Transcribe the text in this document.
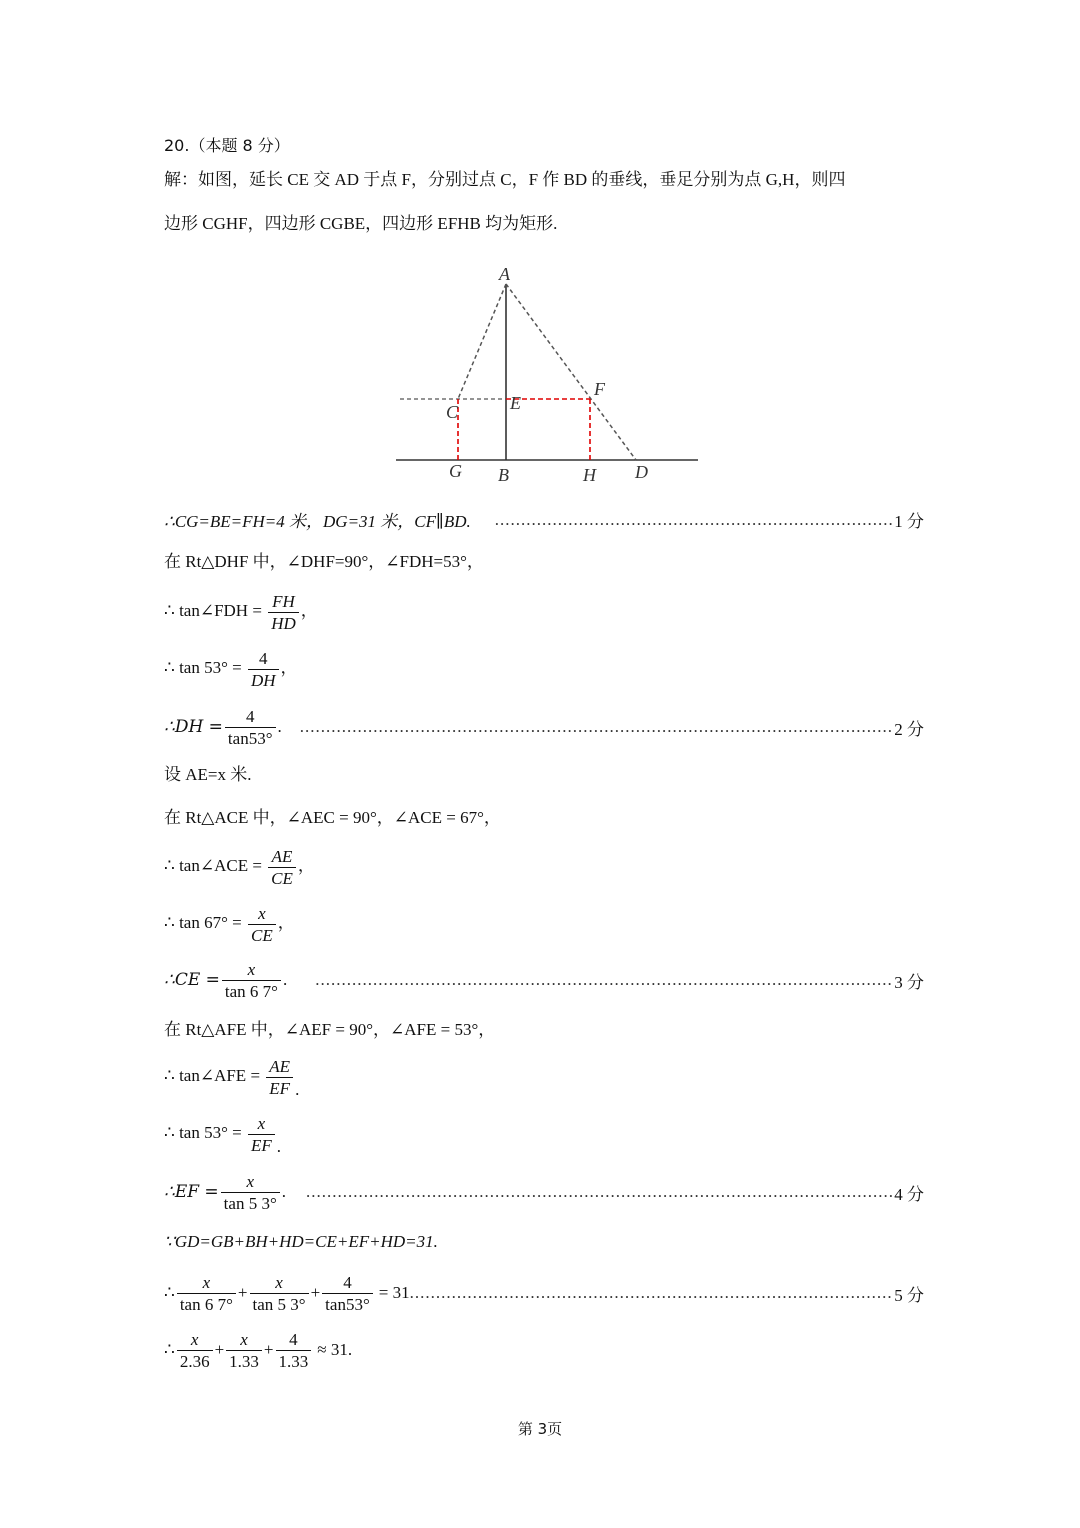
20.（本题 8 分）
解：如图，延长 CE 交 AD 于点 F，分别过点 C，F 作 BD 的垂线，垂足分别为点 G,H，则四
边形 CGHF，四边形 CGBE，四边形 EFHB 均为矩形.
A
F
C	E
G B	H D
∴CG=BE=FH=4 米，DG=31 米，CF∥BD. .....	1 分
在 Rt△DHF 中，∠DHF=90°，∠FDH=53°，
∴ tan∠FDH = $\frac{FH}{HD}$ ，
∴ $\tan 53^\circ = \frac{4}{DH}$ ，
∴DH = $\frac{4}{\tan 53^\circ}$ . .....	2 分
设 AE=x 米.
在 Rt△ACE 中，∠AEC = 90°，∠ACE = 67°，
∴ tan∠ACE = $\frac{AE}{CE}$ ，
∴ $\tan 67^\circ = \frac{x}{CE}$ ，
∴CE = $\frac{x}{\tan 6 7^\circ}$ . .....	3 分
在 Rt△AFE 中，∠AEF = 90°，∠AFE = 53°，
∴ tan∠AFE = $\frac{AE}{EF}$ .
∴ $\tan 53^\circ = \frac{x}{EF}$ .
∴EF = $\frac{x}{\tan 5 3^\circ}$ . .....	4 分
∵GD=GB+BH+HD=CE+EF+HD=31.
∴ $\frac{x}{\tan 6 7^\circ} + \frac{x}{\tan 5 3^\circ} + \frac{4}{\tan 53^\circ} = 31$ .....	5 分
∴ $\frac{x}{2.36} + \frac{x}{1.33} + \frac{4}{1.33} \approx 31$.
第 3页
